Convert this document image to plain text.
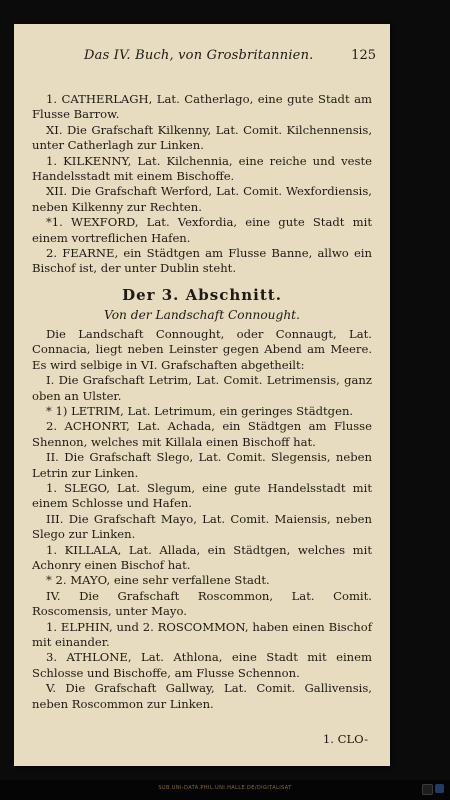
Das IV. Buch, von Grosbritannien.	125

1. CATHERLAGH, Lat. Catherlago, eine gute Stadt am Flusse Barrow.

XI. Die Grafschaft Kilkenny, Lat. Comit. Kilchennensis, unter Catherlagh zur Linken.

1. KILKENNY, Lat. Kilchennia, eine reiche und veste Handelsstadt mit einem Bischoffe.

XII. Die Grafschaft Werford, Lat. Comit. Wexfordiensis, neben Kilkenny zur Rechten.

*1. WEXFORD, Lat. Vexfordia, eine gute Stadt mit einem vortreflichen Hafen.

2. FEARNE, ein Städtgen am Flusse Banne, allwo ein Bischof ist, der unter Dublin steht.

Der 3. Abschnitt.
Von der Landschaft Connought.

Die Landschaft Connought, oder Connaugt, Lat. Connacia, liegt neben Leinster gegen Abend am Meere. Es wird selbige in VI. Grafschaften abgetheilt:

I. Die Grafschaft Letrim, Lat. Comit. Letrimensis, ganz oben an Ulster.

* 1) LETRIM, Lat. Letrimum, ein geringes Städtgen.

2. ACHONRT, Lat. Achada, ein Städtgen am Flusse Shennon, welches mit Killala einen Bischoff hat.

II. Die Grafschaft Slego, Lat. Comit. Slegensis, neben Letrin zur Linken.

1. SLEGO, Lat. Slegum, eine gute Handelsstadt mit einem Schlosse und Hafen.

III. Die Grafschaft Mayo, Lat. Comit. Maiensis, neben Slego zur Linken.

1. KILLALA, Lat. Allada, ein Städtgen, welches mit Achonry einen Bischof hat.

* 2. MAYO, eine sehr verfallene Stadt.

IV. Die Grafschaft Roscommon, Lat. Comit. Roscomensis, unter Mayo.

1. ELPHIN, und 2. ROSCOMMON, haben einen Bischof mit einander.

3. ATHLONE, Lat. Athlona, eine Stadt mit einem Schlosse und Bischoffe, am Flusse Schennon.

V. Die Grafschaft Gallway, Lat. Comit. Gallivensis, neben Roscommon zur Linken.

1. CLO-
SUB.UNI-DATA.PHIL.UNI.HALLE.DE/DIGITALISAT
